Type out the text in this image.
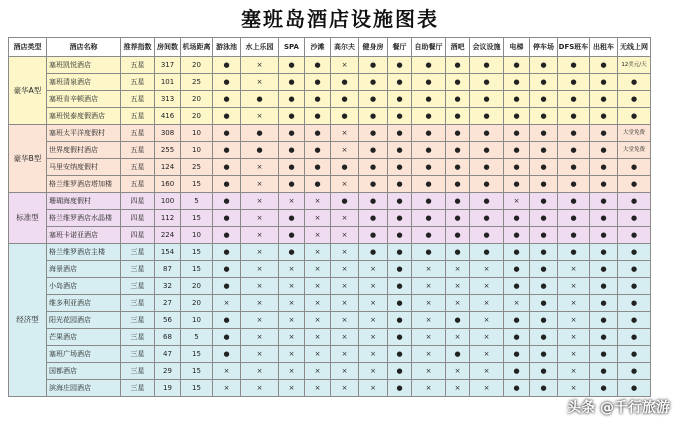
塞班岛酒店设施图表
酒店类型	酒店名称	推荐指数	房间数	机场距离	游泳池	水上乐园	SPA	沙滩	高尔夫	健身房	餐厅	自助餐厅	酒吧	会议设施	电梯	停车场	DFS班车	出租车	无线上网
豪华A型	塞班凯悦酒店	五星	317	20	●	×	●	●	×	●	●	●	●	●	●	●	●	●	12美元/天
	塞班清泉酒店	五星	101	25	●	×	●	●	●	●	●	●	●	●	●	●	●	●	●
	塞班肯辛顿酒店	五星	313	20	●	●	●	●	●	●	●	●	●	●	●	●	●	●	●
	塞班悦泰度假酒店	五星	416	20	●	×	●	●	●	●	●	●	●	●	●	●	●	●	●
豪华B型	塞班太平洋度假村	五星	308	10	●	●	●	●	×	●	●	●	●	●	●	●	●	●	大堂免费
	世界度假村酒店	五星	255	10	●	●	●	●	×	●	●	●	●	●	●	●	●	●	大堂免费
	马里安纳度假村	五星	124	25	●	×	●	●	●	●	●	●	●	●	●	●	●	●	●
	格兰维罗酒店塔加楼	五星	160	15	●	×	●	●	×	●	●	●	●	●	●	●	●	●	●
标准型	珊瑚海度假村	四星	100	5	●	×	×	×	●	●	●	●	●	●	×	●	●	●	●
	格兰维罗酒店水晶楼	四星	112	15	●	×	●	×	×	●	●	●	●	●	●	●	●	●	●
	塞班卡诺亚酒店	四星	224	10	●	×	●	×	×	●	●	●	●	●	●	●	●	●	●
经济型	格兰维罗酒店主楼	三星	154	15	●	×	●	×	×	●	●	●	●	●	●	●	●	●	●
	海景酒店	三星	87	15	●	×	×	×	×	×	●	×	×	×	●	●	×	●	●
	小岛酒店	三星	32	20	●	×	×	×	×	×	●	×	×	×	●	●	×	●	●
	维多利亚酒店	三星	27	20	×	×	×	×	×	×	●	×	×	×	×	●	×	●	●
	阳光花园酒店	三星	56	10	●	×	×	×	×	×	●	×	●	×	●	●	×	●	●
	芒果酒店	三星	68	5	●	×	×	×	×	×	●	×	×	×	●	●	×	●	●
	塞班广场酒店	三星	47	15	●	×	×	×	×	×	●	×	●	×	●	●	×	●	●
	国都酒店	三星	29	15	×	×	×	×	×	×	●	×	×	×	●	●	×	●	●
	滨海庄园酒店	三星	19	15	×	×	×	×	×	×	●	×	×	×	●	●	×	●	●
头条 @千行旅游
